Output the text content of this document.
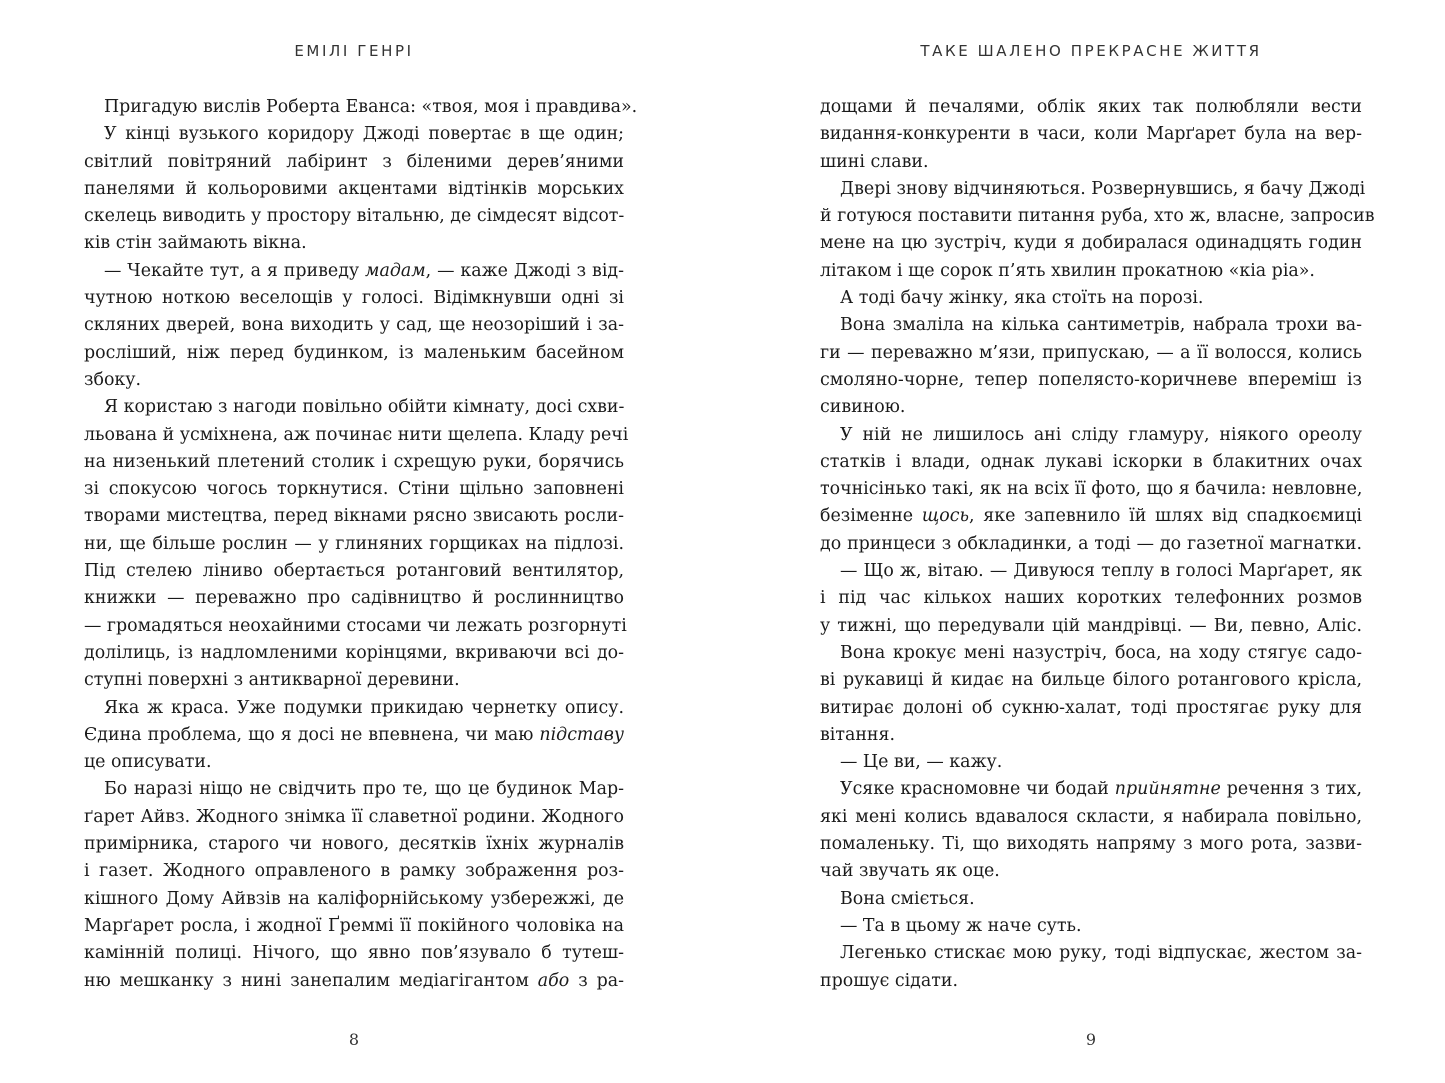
ЕМІЛІ ГЕНРІ
Пригадую вислів Роберта Еванса: «твоя, моя і правдива».
У кінці вузького коридору Джоді повертає в ще один;
світлий повітряний лабіринт з біленими дерев’яними
панелями й кольоровими акцентами відтінків морських
скелець виводить у простору вітальню, де сімдесят відсот-
ків стін займають вікна.
— Чекайте тут, а я приведу мадам, — каже Джоді з від-
чутною ноткою веселощів у голосі. Відімкнувши одні зі
скляних дверей, вона виходить у сад, ще неозоріший і за-
росліший, ніж перед будинком, із маленьким басейном
збоку.
Я користаю з нагоди повільно обійти кімнату, досі схви-
льована й усміхнена, аж починає нити щелепа. Кладу речі
на низенький плетений столик і схрещую руки, борячись
зі спокусою чогось торкнутися. Стіни щільно заповнені
творами мистецтва, перед вікнами рясно звисають росли-
ни, ще більше рослин — у глиняних горщиках на підлозі.
Під стелею ліниво обертається ротанговий вентилятор,
книжки — переважно про садівництво й рослинництво
— громадяться неохайними стосами чи лежать розгорнуті
долілиць, із надломленими корінцями, вкриваючи всі до-
ступні поверхні з антикварної деревини.
Яка ж краса. Уже подумки прикидаю чернетку опису.
Єдина проблема, що я досі не впевнена, чи маю підставу
це описувати.
Бо наразі ніщо не свідчить про те, що це будинок Мар-
ґарет Айвз. Жодного знімка її славетної родини. Жодного
примірника, старого чи нового, десятків їхніх журналів
і газет. Жодного оправленого в рамку зображення роз-
кішного Дому Айвзів на каліфорнійському узбережжі, де
Марґарет росла, і жодної Ґреммі її покійного чоловіка на
камінній полиці. Нічого, що явно пов’язувало б тутеш-
ню мешканку з нині занепалим медіагігантом або з ра-
8
ТАКЕ ШАЛЕНО ПРЕКРАСНЕ ЖИТТЯ
дощами й печалями, облік яких так полюбляли вести
видання-конкуренти в часи, коли Марґарет була на вер-
шині слави.
Двері знову відчиняються. Розвернувшись, я бачу Джоді
й готуюся поставити питання руба, хто ж, власне, запросив
мене на цю зустріч, куди я добиралася одинадцять годин
літаком і ще сорок п’ять хвилин прокатною «кіа ріа».
А тоді бачу жінку, яка стоїть на порозі.
Вона змаліла на кілька сантиметрів, набрала трохи ва-
ги — переважно м’язи, припускаю, — а її волосся, колись
смоляно-чорне, тепер попелясто-коричневе впереміш із
сивиною.
У ній не лишилось ані сліду гламуру, ніякого ореолу
статків і влади, однак лукаві іскорки в блакитних очах
точнісінько такі, як на всіх її фото, що я бачила: невловне,
безіменне щось, яке запевнило їй шлях від спадкоємиці
до принцеси з обкладинки, а тоді — до газетної магнатки.
— Що ж, вітаю. — Дивуюся теплу в голосі Марґарет, як
і під час кількох наших коротких телефонних розмов
у тижні, що передували цій мандрівці. — Ви, певно, Аліс.
Вона крокує мені назустріч, боса, на ходу стягує садо-
ві рукавиці й кидає на бильце білого ротангового крісла,
витирає долоні об сукню-халат, тоді простягає руку для
вітання.
— Це ви, — кажу.
Усяке красномовне чи бодай прийнятне речення з тих,
які мені колись вдавалося скласти, я набирала повільно,
помаленьку. Ті, що виходять напряму з мого рота, зазви-
чай звучать як оце.
Вона сміється.
— Та в цьому ж наче суть.
Легенько стискає мою руку, тоді відпускає, жестом за-
прошує сідати.
9
